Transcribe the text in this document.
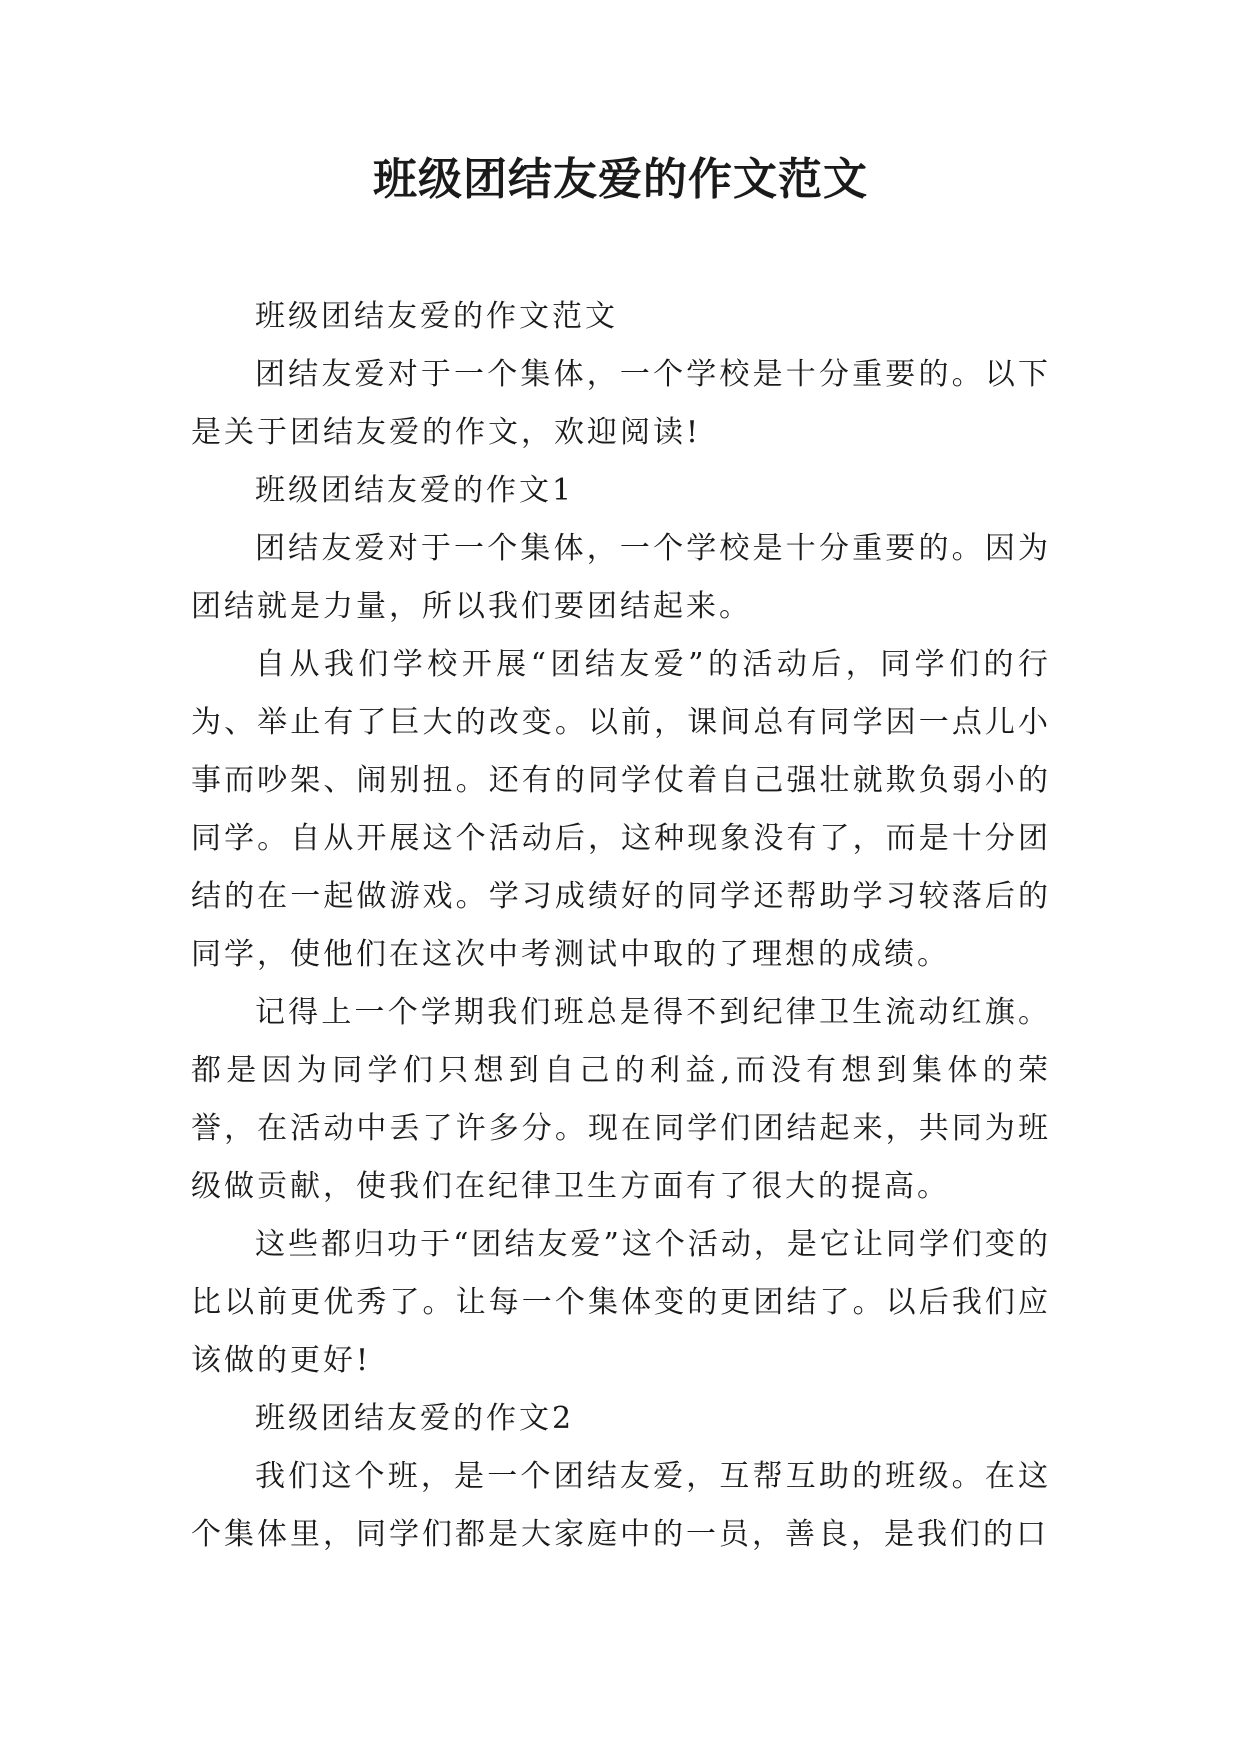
班级团结友爱的作文范文

班级团结友爱的作文范文

团结友爱对于一个集体，一个学校是十分重要的。以下是关于团结友爱的作文，欢迎阅读!

班级团结友爱的作文1

团结友爱对于一个集体，一个学校是十分重要的。因为团结就是力量，所以我们要团结起来。

自从我们学校开展“团结友爱”的活动后，同学们的行为、举止有了巨大的改变。以前，课间总有同学因一点儿小事而吵架、闹别扭。还有的同学仗着自己强壮就欺负弱小的同学。自从开展这个活动后，这种现象没有了，而是十分团结的在一起做游戏。学习成绩好的同学还帮助学习较落后的同学，使他们在这次中考测试中取的了理想的成绩。

记得上一个学期我们班总是得不到纪律卫生流动红旗。都是因为同学们只想到自己的利益,而没有想到集体的荣誉，在活动中丢了许多分。现在同学们团结起来，共同为班级做贡献，使我们在纪律卫生方面有了很大的提高。

这些都归功于“团结友爱”这个活动，是它让同学们变的比以前更优秀了。让每一个集体变的更团结了。以后我们应该做的更好!

班级团结友爱的作文2

我们这个班，是一个团结友爱，互帮互助的班级。在这个集体里，同学们都是大家庭中的一员，善良，是我们的口
